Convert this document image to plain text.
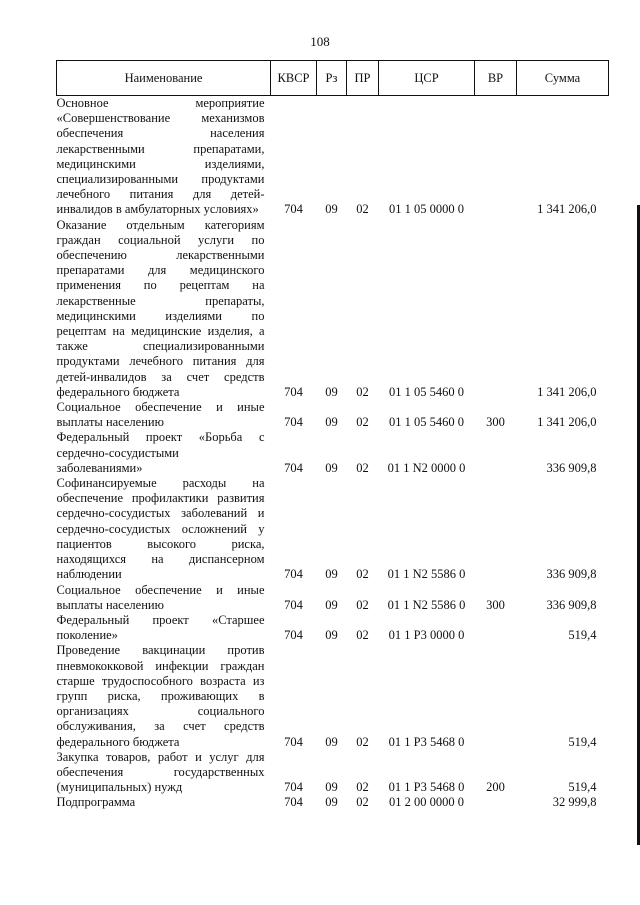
108
Наименование	КВСР	Рз	ПР	ЦСР	ВР	Сумма
Основное мероприятие «Совершенствование механизмов обеспечения населения лекарственными препаратами, медицинскими изделиями, специализированными продуктами лечебного питания для детей-инвалидов в амбулаторных условиях»	704	09	02	01 1 05 0000 0		1 341 206,0
Оказание отдельным категориям граждан социальной услуги по обеспечению лекарственными препаратами для медицинского применения по рецептам на лекарственные препараты, медицинскими изделиями по рецептам на медицинские изделия, а также специализированными продуктами лечебного питания для детей-инвалидов за счет средств федерального бюджета	704	09	02	01 1 05 5460 0		1 341 206,0
Социальное обеспечение и иные выплаты населению	704	09	02	01 1 05 5460 0	300	1 341 206,0
Федеральный проект «Борьба с сердечно-сосудистыми заболеваниями»	704	09	02	01 1 N2 0000 0		336 909,8
Софинансируемые расходы на обеспечение профилактики развития сердечно-сосудистых заболеваний и сердечно-сосудистых осложнений у пациентов высокого риска, находящихся на диспансерном наблюдении	704	09	02	01 1 N2 5586 0		336 909,8
Социальное обеспечение и иные выплаты населению	704	09	02	01 1 N2 5586 0	300	336 909,8
Федеральный проект «Старшее поколение»	704	09	02	01 1 P3 0000 0		519,4
Проведение вакцинации против пневмококковой инфекции граждан старше трудоспособного возраста из групп риска, проживающих в организациях социального обслуживания, за счет средств федерального бюджета	704	09	02	01 1 P3 5468 0		519,4
Закупка товаров, работ и услуг для обеспечения государственных (муниципальных) нужд	704	09	02	01 1 P3 5468 0	200	519,4
Подпрограмма	704	09	02	01 2 00 0000 0		32 999,8
